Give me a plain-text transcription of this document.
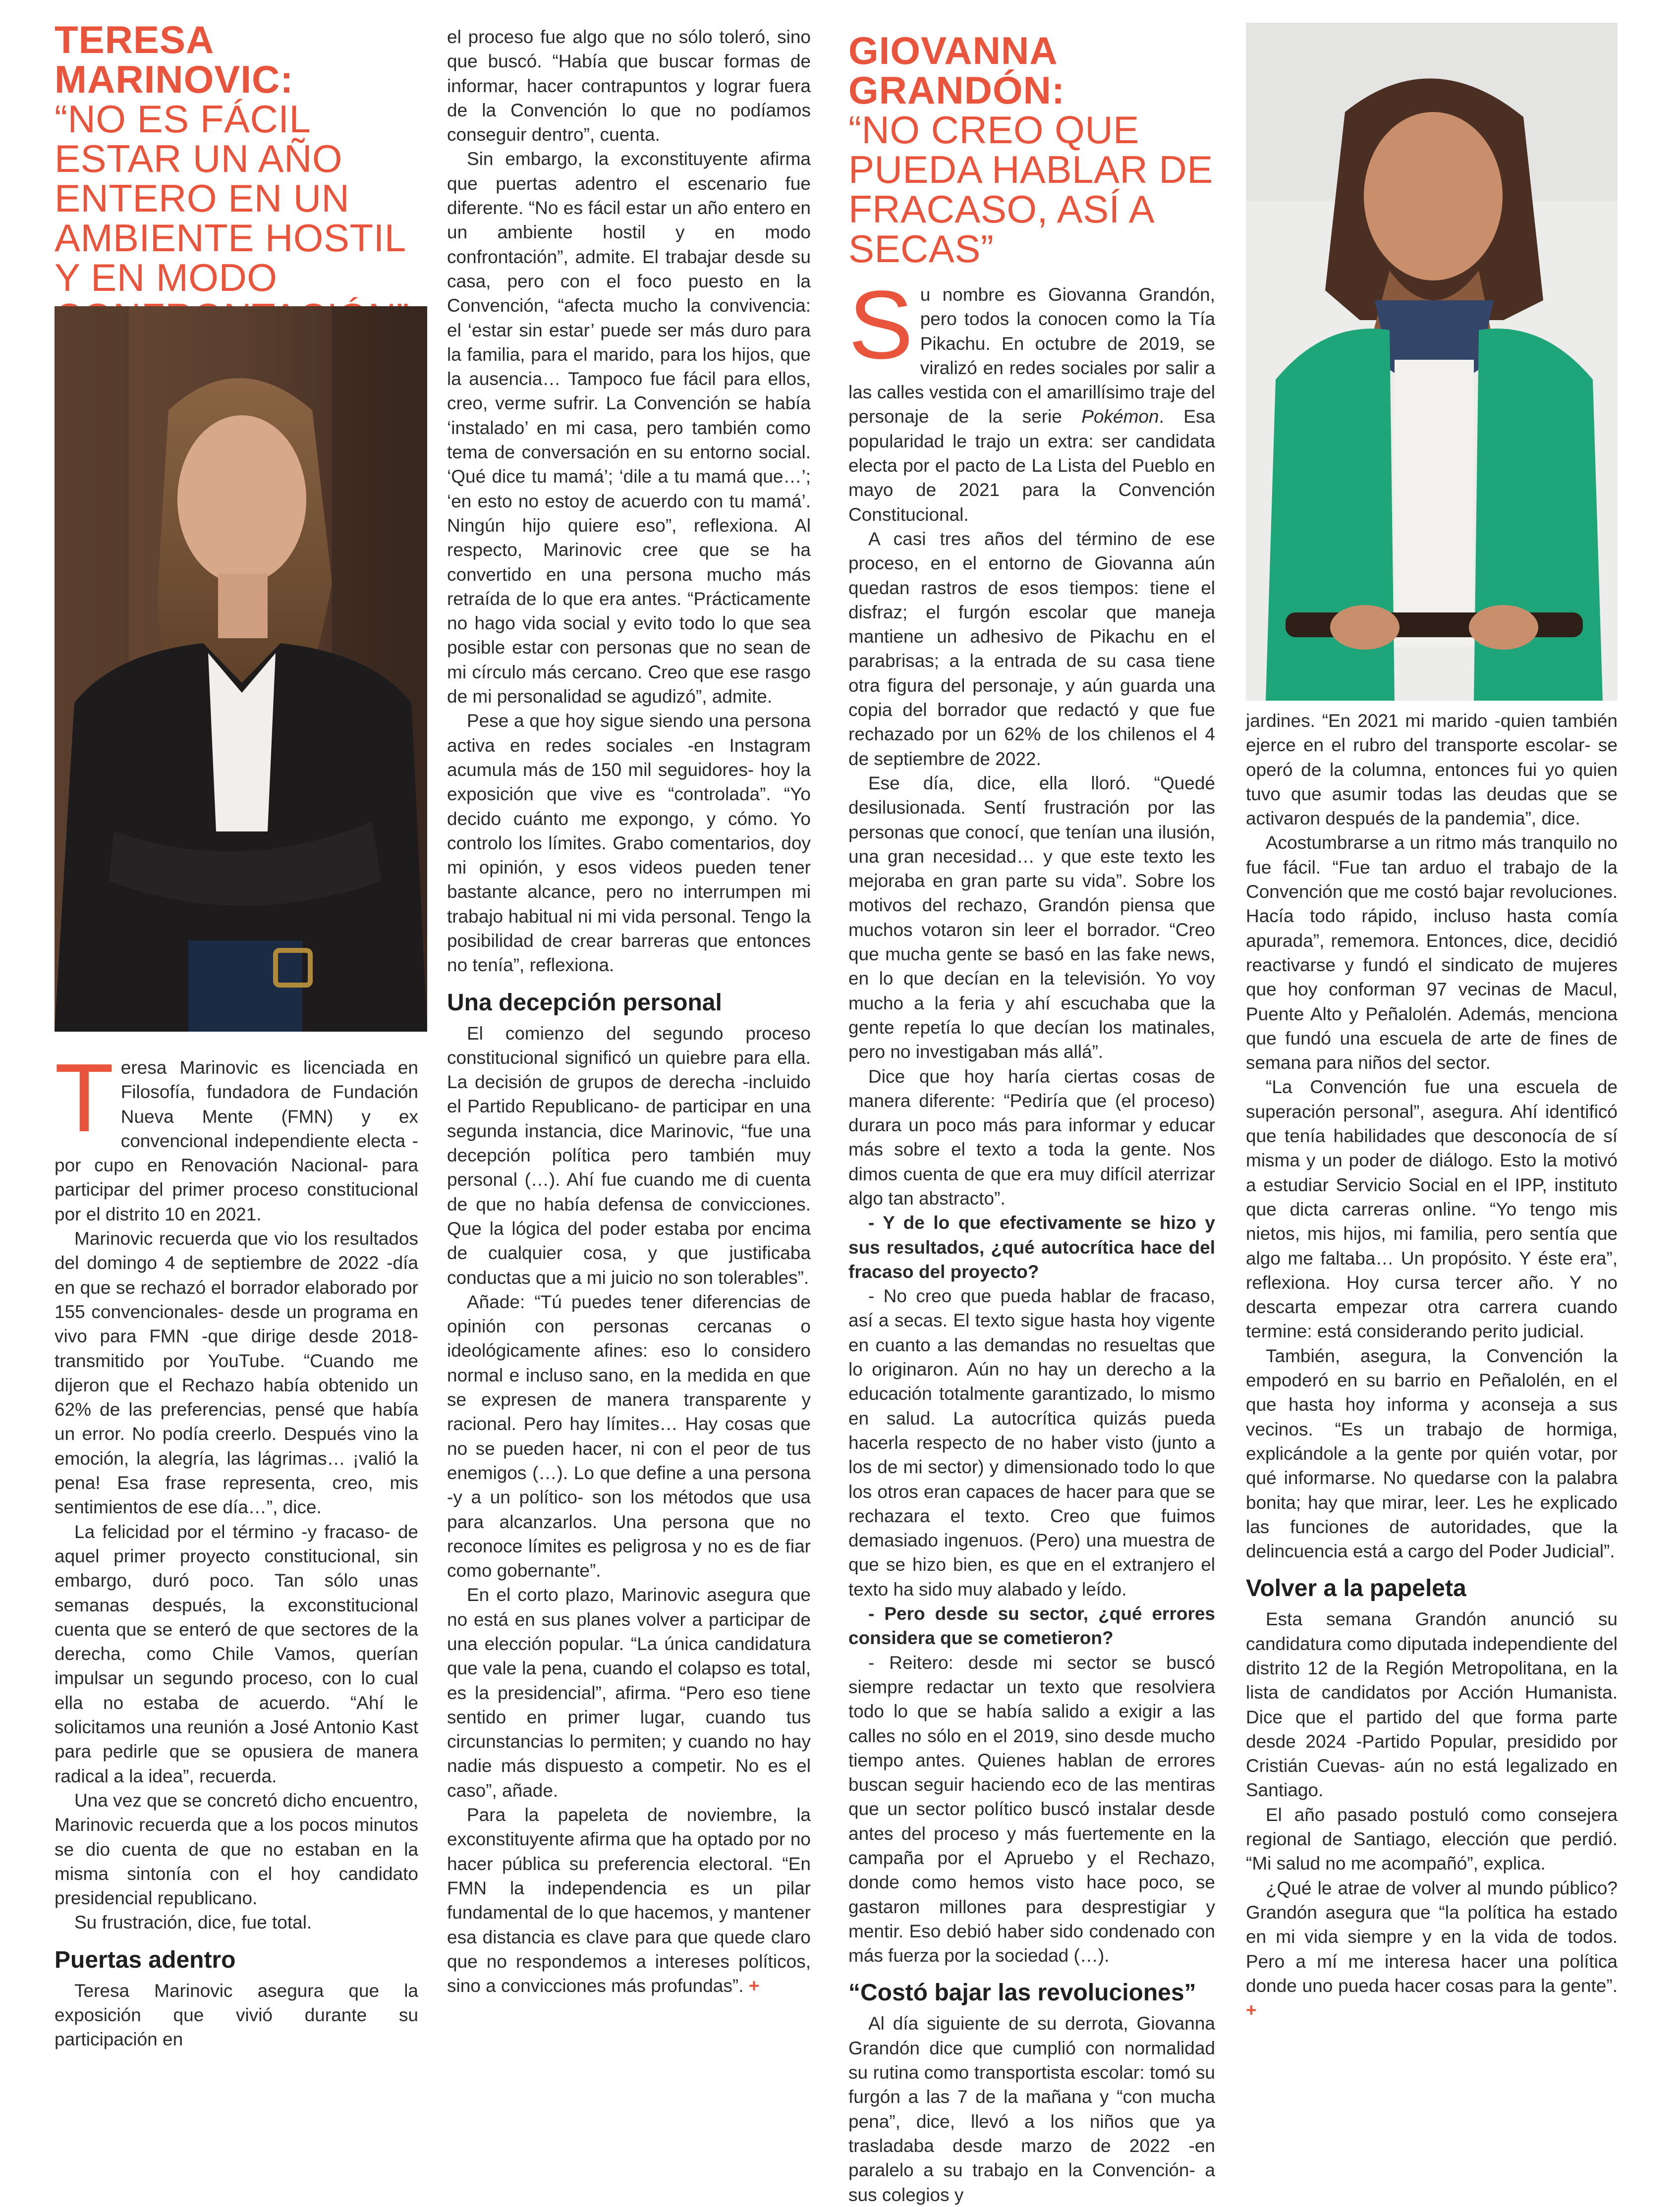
TERESA MARINOVIC:
“NO ES FÁCIL ESTAR UN AÑO ENTERO EN UN AMBIENTE HOSTIL Y EN MODO

Teresa Marinovic es licenciada en Filosofía, fundadora de Fundación Nueva Mente (FMN) y ex convencional independiente electa -por cupo en Renovación Nacional- para participar del primer proceso constitucional por el distrito 10 en 2021.

Marinovic recuerda que vio los resultados del domingo 4 de septiembre de 2022 -día en que se rechazó el borrador elaborado por 155 convencionales- desde un programa en vivo para FMN -que dirige desde 2018- transmitido por YouTube. “Cuando me dijeron que el Rechazo había obtenido un 62% de las preferencias, pensé que había un error. No podía creerlo. Después vino la emoción, la alegría, las lágrimas… ¡valió la pena! Esa frase representa, creo, mis sentimientos de ese día…”, dice.

La felicidad por el término -y fracaso- de aquel primer proyecto constitucional, sin embargo, duró poco. Tan sólo unas semanas después, la exconstitucional cuenta que se enteró de que sectores de la derecha, como Chile Vamos, querían impulsar un segundo proceso, con lo cual ella no estaba de acuerdo. “Ahí le solicitamos una reunión a José Antonio Kast para pedirle que se opusiera de manera radical a la idea”, recuerda.

Una vez que se concretó dicho encuentro, Marinovic recuerda que a los pocos minutos se dio cuenta de que no estaban en la misma sintonía con el hoy candidato presidencial republicano.

Su frustración, dice, fue total.

Puertas adentro

Teresa Marinovic asegura que la exposición que vivió durante su participación en

el proceso fue algo que no sólo toleró, sino que buscó. “Había que buscar formas de informar, hacer contrapuntos y lograr fuera de la Convención lo que no podíamos conseguir dentro”, cuenta.

Sin embargo, la exconstituyente afirma que puertas adentro el escenario fue diferente. “No es fácil estar un año entero en un ambiente hostil y en modo confrontación”, admite. El trabajar desde su casa, pero con el foco puesto en la Convención, “afecta mucho la convivencia: el ‘estar sin estar’ puede ser más duro para la familia, para el marido, para los hijos, que la ausencia… Tampoco fue fácil para ellos, creo, verme sufrir. La Convención se había ‘instalado’ en mi casa, pero también como tema de conversación en su entorno social. ‘Qué dice tu mamá’; ‘dile a tu mamá que…’; ‘en esto no estoy de acuerdo con tu mamá’. Ningún hijo quiere eso”, reflexiona. Al respecto, Marinovic cree que se ha convertido en una persona mucho más retraída de lo que era antes. “Prácticamente no hago vida social y evito todo lo que sea posible estar con personas que no sean de mi círculo más cercano. Creo que ese rasgo de mi personalidad se agudizó”, admite.

Pese a que hoy sigue siendo una persona activa en redes sociales -en Instagram acumula más de 150 mil seguidores- hoy la exposición que vive es “controlada”. “Yo decido cuánto me expongo, y cómo. Yo controlo los límites. Grabo comentarios, doy mi opinión, y esos videos pueden tener bastante alcance, pero no interrumpen mi trabajo habitual ni mi vida personal. Tengo la posibilidad de crear barreras que entonces no tenía”, reflexiona.

Una decepción personal

El comienzo del segundo proceso constitucional significó un quiebre para ella. La decisión de grupos de derecha -incluido el Partido Republicano- de participar en una segunda instancia, dice Marinovic, “fue una decepción política pero también muy personal (…). Ahí fue cuando me di cuenta de que no había defensa de convicciones. Que la lógica del poder estaba por encima de cualquier cosa, y que justificaba conductas que a mi juicio no son tolerables”.

Añade: “Tú puedes tener diferencias de opinión con personas cercanas o ideológicamente afines: eso lo considero normal e incluso sano, en la medida en que se expresen de manera transparente y racional. Pero hay límites… Hay cosas que no se pueden hacer, ni con el peor de tus enemigos (…). Lo que define a una persona -y a un político- son los métodos que usa para alcanzarlos. Una persona que no reconoce límites es peligrosa y no es de fiar como gobernante”.

En el corto plazo, Marinovic asegura que no está en sus planes volver a participar de una elección popular. “La única candidatura que vale la pena, cuando el colapso es total, es la presidencial”, afirma. “Pero eso tiene sentido en primer lugar, cuando tus circunstancias lo permiten; y cuando no hay nadie más dispuesto a competir. No es el caso”, añade.

Para la papeleta de noviembre, la exconstituyente afirma que ha optado por no hacer pública su preferencia electoral. “En FMN la independencia es un pilar fundamental de lo que hacemos, y mantener esa distancia es clave para que quede claro que no respondemos a intereses políticos, sino a convicciones más profundas”. +

GIOVANNA GRANDÓN:
“NO CREO QUE PUEDA HABLAR DE FRACASO, ASÍ A SECAS”

Su nombre es Giovanna Grandón, pero todos la conocen como la Tía Pikachu. En octubre de 2019, se viralizó en redes sociales por salir a las calles vestida con el amarillísimo traje del personaje de la serie Pokémon. Esa popularidad le trajo un extra: ser candidata electa por el pacto de La Lista del Pueblo en mayo de 2021 para la Convención Constitucional.

A casi tres años del término de ese proceso, en el entorno de Giovanna aún quedan rastros de esos tiempos: tiene el disfraz; el furgón escolar que maneja mantiene un adhesivo de Pikachu en el parabrisas; a la entrada de su casa tiene otra figura del personaje, y aún guarda una copia del borrador que redactó y que fue rechazado por un 62% de los chilenos el 4 de septiembre de 2022.

Ese día, dice, ella lloró. “Quedé desilusionada. Sentí frustración por las personas que conocí, que tenían una ilusión, una gran necesidad… y que este texto les mejoraba en gran parte su vida”. Sobre los motivos del rechazo, Grandón piensa que muchos votaron sin leer el borrador. “Creo que mucha gente se basó en las fake news, en lo que decían en la televisión. Yo voy mucho a la feria y ahí escuchaba que la gente repetía lo que decían los matinales, pero no investigaban más allá”.

Dice que hoy haría ciertas cosas de manera diferente: “Pediría que (el proceso) durara un poco más para informar y educar más sobre el texto a toda la gente. Nos dimos cuenta de que era muy difícil aterrizar algo tan abstracto”.

- Y de lo que efectivamente se hizo y sus resultados, ¿qué autocrítica hace del fracaso del proyecto?

- No creo que pueda hablar de fracaso, así a secas. El texto sigue hasta hoy vigente en cuanto a las demandas no resueltas que lo originaron. Aún no hay un derecho a la educación totalmente garantizado, lo mismo en salud. La autocrítica quizás pueda hacerla respecto de no haber visto (junto a los de mi sector) y dimensionado todo lo que los otros eran capaces de hacer para que se rechazara el texto. Creo que fuimos demasiado ingenuos. (Pero) una muestra de que se hizo bien, es que en el extranjero el texto ha sido muy alabado y leído.

- Pero desde su sector, ¿qué errores considera que se cometieron?

- Reitero: desde mi sector se buscó siempre redactar un texto que resolviera todo lo que se había salido a exigir a las calles no sólo en el 2019, sino desde mucho tiempo antes. Quienes hablan de errores buscan seguir haciendo eco de las mentiras que un sector político buscó instalar desde antes del proceso y más fuertemente en la campaña por el Apruebo y el Rechazo, donde como hemos visto hace poco, se gastaron millones para desprestigiar y mentir. Eso debió haber sido condenado con más fuerza por la sociedad (…).

“Costó bajar las revoluciones”

Al día siguiente de su derrota, Giovanna Grandón dice que cumplió con normalidad su rutina como transportista escolar: tomó su furgón a las 7 de la mañana y “con mucha pena”, dice, llevó a los niños que ya trasladaba desde marzo de 2022 -en paralelo a su trabajo en la Convención- a sus colegios y

jardines. “En 2021 mi marido -quien también ejerce en el rubro del transporte escolar- se operó de la columna, entonces fui yo quien tuvo que asumir todas las deudas que se activaron después de la pandemia”, dice.

Acostumbrarse a un ritmo más tranquilo no fue fácil. “Fue tan arduo el trabajo de la Convención que me costó bajar revoluciones. Hacía todo rápido, incluso hasta comía apurada”, rememora. Entonces, dice, decidió reactivarse y fundó el sindicato de mujeres que hoy conforman 97 vecinas de Macul, Puente Alto y Peñalolén. Además, menciona que fundó una escuela de arte de fines de semana para niños del sector.

“La Convención fue una escuela de superación personal”, asegura. Ahí identificó que tenía habilidades que desconocía de sí misma y un poder de diálogo. Esto la motivó a estudiar Servicio Social en el IPP, instituto que dicta carreras online. “Yo tengo mis nietos, mis hijos, mi familia, pero sentía que algo me faltaba… Un propósito. Y éste era”, reflexiona. Hoy cursa tercer año. Y no descarta empezar otra carrera cuando termine: está considerando perito judicial.

También, asegura, la Convención la empoderó en su barrio en Peñalolén, en el que hasta hoy informa y aconseja a sus vecinos. “Es un trabajo de hormiga, explicándole a la gente por quién votar, por qué informarse. No quedarse con la palabra bonita; hay que mirar, leer. Les he explicado las funciones de autoridades, que la delincuencia está a cargo del Poder Judicial”.

Volver a la papeleta

Esta semana Grandón anunció su candidatura como diputada independiente del distrito 12 de la Región Metropolitana, en la lista de candidatos por Acción Humanista. Dice que el partido del que forma parte desde 2024 -Partido Popular, presidido por Cristián Cuevas- aún no está legalizado en Santiago.

El año pasado postuló como consejera regional de Santiago, elección que perdió. “Mi salud no me acompañó”, explica.

¿Qué le atrae de volver al mundo público? Grandón asegura que “la política ha estado en mi vida siempre y en la vida de todos. Pero a mí me interesa hacer una política donde uno pueda hacer cosas para la gente”. +
